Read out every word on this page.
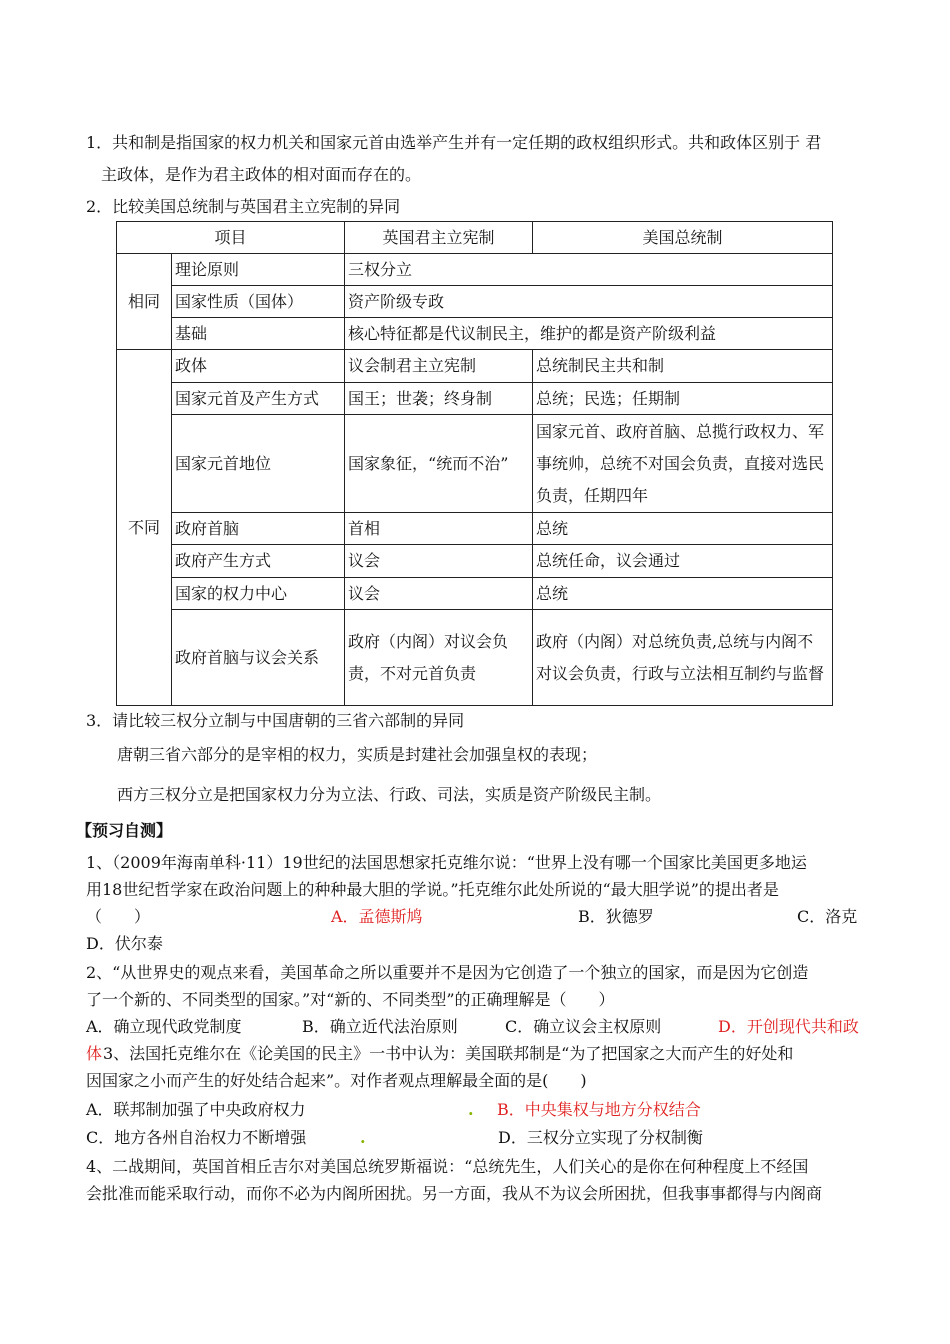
1．共和制是指国家的权力机关和国家元首由选举产生并有一定任期的政权组织形式。共和政体区别于 君
主政体，是作为君主政体的相对面而存在的。
2．比较美国总统制与英国君主立宪制的异同
项目		英国君主立宪制	美国总统制
相同	理论原则	三权分立	
	国家性质（国体）	资产阶级专政	
	基础	核心特征都是代议制民主，维护的都是资产阶级利益	
不同	政体	议会制君主立宪制	总统制民主共和制
	国家元首及产生方式	国王；世袭；终身制	总统；民选；任期制
	国家元首地位	国家象征，“统而不治”	国家元首、政府首脑、总揽行政权力、军事统帅，总统不对国会负责，直接对选民负责，任期四年
	政府首脑	首相	总统
	政府产生方式	议会	总统任命，议会通过
	国家的权力中心	议会	总统
	政府首脑与议会关系	政府（内阁）对议会负责，不对元首负责	政府（内阁）对总统负责,总统与内阁不对议会负责，行政与立法相互制约与监督
3．请比较三权分立制与中国唐朝的三省六部制的异同
唐朝三省六部分的是宰相的权力，实质是封建社会加强皇权的表现；
西方三权分立是把国家权力分为立法、行政、司法，实质是资产阶级民主制。
【预习自测】
1、（2009年海南单科·11）19世纪的法国思想家托克维尔说：“世界上没有哪一个国家比美国更多地运
用18世纪哲学家在政治问题上的种种最大胆的学说。”托克维尔此处所说的“最大胆学说”的提出者是
（　　）	A．孟德斯鸠	B．狄德罗	C．洛克
D．伏尔泰
2、“从世界史的观点来看，美国革命之所以重要并不是因为它创造了一个独立的国家，而是因为它创造
了一个新的、不同类型的国家。”对“新的、不同类型”的正确理解是（　　）
A．确立现代政党制度	B．确立近代法治原则	C．确立议会主权原则	D．开创现代共和政
体 3、法国托克维尔在《论美国的民主》一书中认为：美国联邦制是“为了把国家之大而产生的好处和
因国家之小而产生的好处结合起来”。对作者观点理解最全面的是(　　)
A．联邦制加强了中央政府权力	. B．中央集权与地方分权结合
C．地方各州自治权力不断增强	.	D．三权分立实现了分权制衡
4、二战期间，英国首相丘吉尔对美国总统罗斯福说：“总统先生，人们关心的是你在何种程度上不经国
会批准而能采取行动，而你不必为内阁所困扰。另一方面，我从不为议会所困扰，但我事事都得与内阁商
